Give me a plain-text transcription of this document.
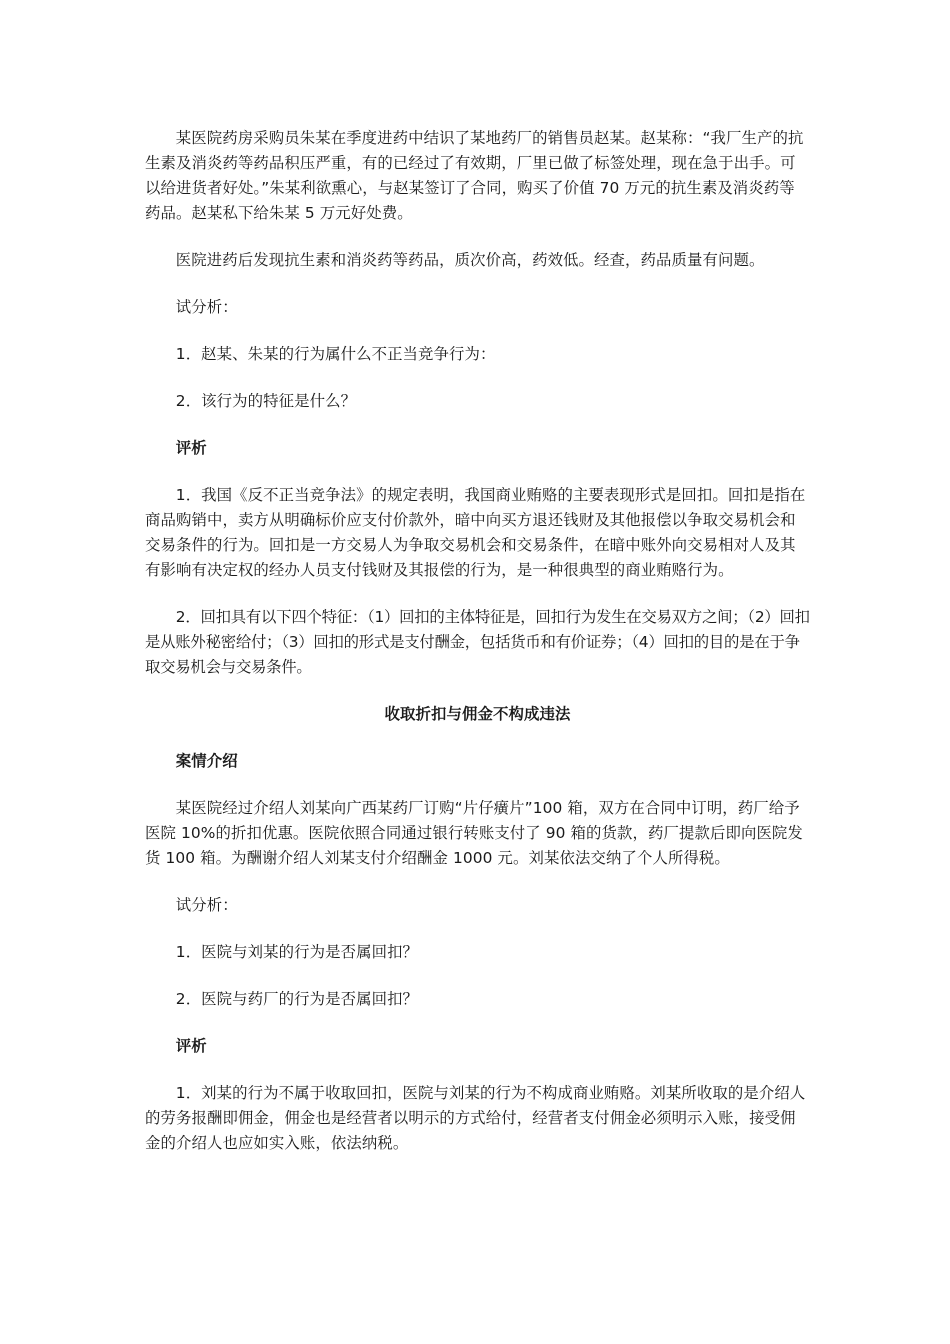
某医院药房采购员朱某在季度进药中结识了某地药厂的销售员赵某。赵某称：“我厂生产的抗生素及消炎药等药品积压严重，有的已经过了有效期，厂里已做了标签处理，现在急于出手。可以给进货者好处。”朱某利欲熏心，与赵某签订了合同，购买了价值 70 万元的抗生素及消炎药等药品。赵某私下给朱某 5 万元好处费。

医院进药后发现抗生素和消炎药等药品，质次价高，药效低。经查，药品质量有问题。

试分析：

1．赵某、朱某的行为属什么不正当竞争行为：

2．该行为的特征是什么？

评析

1．我国《反不正当竞争法》的规定表明，我国商业贿赂的主要表现形式是回扣。回扣是指在商品购销中，卖方从明确标价应支付价款外，暗中向买方退还钱财及其他报偿以争取交易机会和交易条件的行为。回扣是一方交易人为争取交易机会和交易条件，在暗中账外向交易相对人及其有影响有决定权的经办人员支付钱财及其报偿的行为，是一种很典型的商业贿赂行为。

2．回扣具有以下四个特征：（1）回扣的主体特征是，回扣行为发生在交易双方之间；（2）回扣是从账外秘密给付；（3）回扣的形式是支付酬金，包括货币和有价证券；（4）回扣的目的是在于争取交易机会与交易条件。

收取折扣与佣金不构成违法

案情介绍

某医院经过介绍人刘某向广西某药厂订购“片仔癀片”100 箱，双方在合同中订明，药厂给予医院 10%的折扣优惠。医院依照合同通过银行转账支付了 90 箱的货款，药厂提款后即向医院发货 100 箱。为酬谢介绍人刘某支付介绍酬金 1000 元。刘某依法交纳了个人所得税。

试分析：

1．医院与刘某的行为是否属回扣？

2．医院与药厂的行为是否属回扣？

评析

1．刘某的行为不属于收取回扣，医院与刘某的行为不构成商业贿赂。刘某所收取的是介绍人的劳务报酬即佣金，佣金也是经营者以明示的方式给付，经营者支付佣金必须明示入账，接受佣金的介绍人也应如实入账，依法纳税。
